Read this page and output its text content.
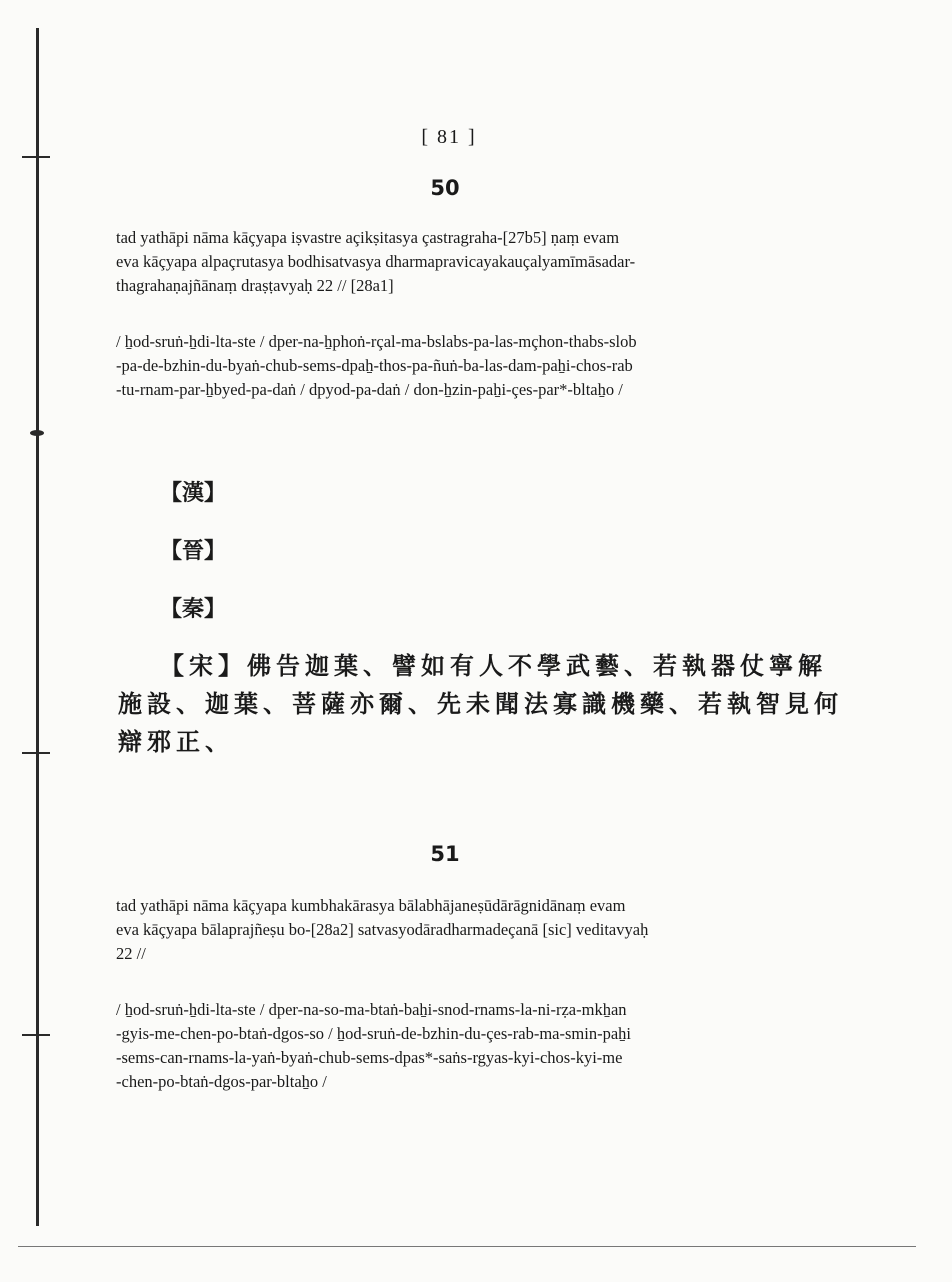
[ 81 ]
50
tad yathāpi nāma kāçyapa iṣvastre açikṣitasya çastragraha-[27b5] ṇaṃ evam
eva kāçyapa alpaçrutasya bodhisatvasya dharmapravicayakauçalyamīmāsadar-
thagrahaṇajñānaṃ draṣṭavyaḥ 22 // [28a1]
/ ẖod-sruṅ-ẖdi-lta-ste / dper-na-ẖphoṅ-rçal-ma-bslabs-pa-las-mçhon-thabs-slob
-pa-de-bzhin-du-byaṅ-chub-sems-dpaẖ-thos-pa-ñuṅ-ba-las-dam-paẖi-chos-rab
-tu-rnam-par-ẖbyed-pa-daṅ / dpyod-pa-daṅ / don-ẖzin-paẖi-çes-par*-bltaẖo /
【漢】
【晉】
【秦】
【宋】佛告迦葉、譬如有人不學武藝、若執器仗寧解
施設、迦葉、菩薩亦爾、先未聞法寡識機藥、若執智見何
辯邪正、
51
tad yathāpi nāma kāçyapa kumbhakārasya bālabhājaneṣūdārāgnidānaṃ evam
eva kāçyapa bālaprajñeṣu bo-[28a2] satvasyodāradharmadeçanā [sic] veditavyaḥ
22 //
/ ẖod-sruṅ-ẖdi-lta-ste / dper-na-so-ma-btaṅ-baẖi-snod-rnams-la-ni-rẓa-mkẖan
-gyis-me-chen-po-btaṅ-dgos-so / ẖod-sruṅ-de-bzhin-du-çes-rab-ma-smin-paẖi
-sems-can-rnams-la-yaṅ-byaṅ-chub-sems-dpas*-saṅs-rgyas-kyi-chos-kyi-me
-chen-po-btaṅ-dgos-par-bltaẖo /
